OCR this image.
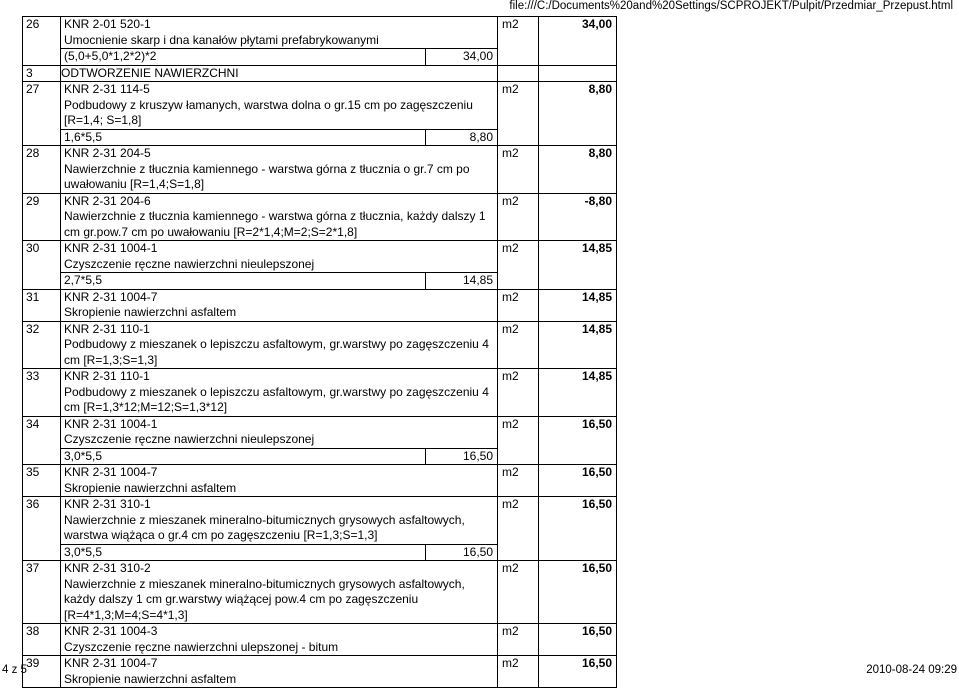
file:///C:/Documents%20and%20Settings/SCPROJEKT/Pulpit/Przedmiar_Przepust.html
26	KNR 2-01 520-1
Umocnienie skarp i dna kanałów płytami prefabrykowanymi
(5,0+5,0*1,2*2)*2 34,00	m2	34,00
3	ODTWORZENIE NAWIERZCHNI		
27	KNR 2-31 114-5
Podbudowy z kruszyw łamanych, warstwa dolna o gr.15 cm po zagęszczeniu [R=1,4; S=1,8]
1,6*5,5 8,80	m2	8,80
28	KNR 2-31 204-5
Nawierzchnie z tłucznia kamiennego - warstwa górna z tłucznia o gr.7 cm po uwałowaniu [R=1,4;S=1,8]	m2	8,80
29	KNR 2-31 204-6
Nawierzchnie z tłucznia kamiennego - warstwa górna z tłucznia, każdy dalszy 1 cm gr.pow.7 cm po uwałowaniu [R=2*1,4;M=2;S=2*1,8]	m2	-8,80
30	KNR 2-31 1004-1
Czyszczenie ręczne nawierzchni nieulepszonej
2,7*5,5 14,85	m2	14,85
31	KNR 2-31 1004-7
Skropienie nawierzchni asfaltem	m2	14,85
32	KNR 2-31 110-1
Podbudowy z mieszanek o lepiszczu asfaltowym, gr.warstwy po zagęszczeniu 4 cm [R=1,3;S=1,3]	m2	14,85
33	KNR 2-31 110-1
Podbudowy z mieszanek o lepiszczu asfaltowym, gr.warstwy po zagęszczeniu 4 cm [R=1,3*12;M=12;S=1,3*12]	m2	14,85
34	KNR 2-31 1004-1
Czyszczenie ręczne nawierzchni nieulepszonej
3,0*5,5 16,50	m2	16,50
35	KNR 2-31 1004-7
Skropienie nawierzchni asfaltem	m2	16,50
36	KNR 2-31 310-1
Nawierzchnie z mieszanek mineralno-bitumicznych grysowych asfaltowych, warstwa wiążąca o gr.4 cm po zagęszczeniu [R=1,3;S=1,3]
3,0*5,5 16,50	m2	16,50
37	KNR 2-31 310-2
Nawierzchnie z mieszanek mineralno-bitumicznych grysowych asfaltowych, każdy dalszy 1 cm gr.warstwy wiążącej pow.4 cm po zagęszczeniu [R=4*1,3;M=4;S=4*1,3]	m2	16,50
38	KNR 2-31 1004-3
Czyszczenie ręczne nawierzchni ulepszonej - bitum	m2	16,50
39	KNR 2-31 1004-7
Skropienie nawierzchni asfaltem	m2	16,50
4 z 5	2010-08-24 09:29
